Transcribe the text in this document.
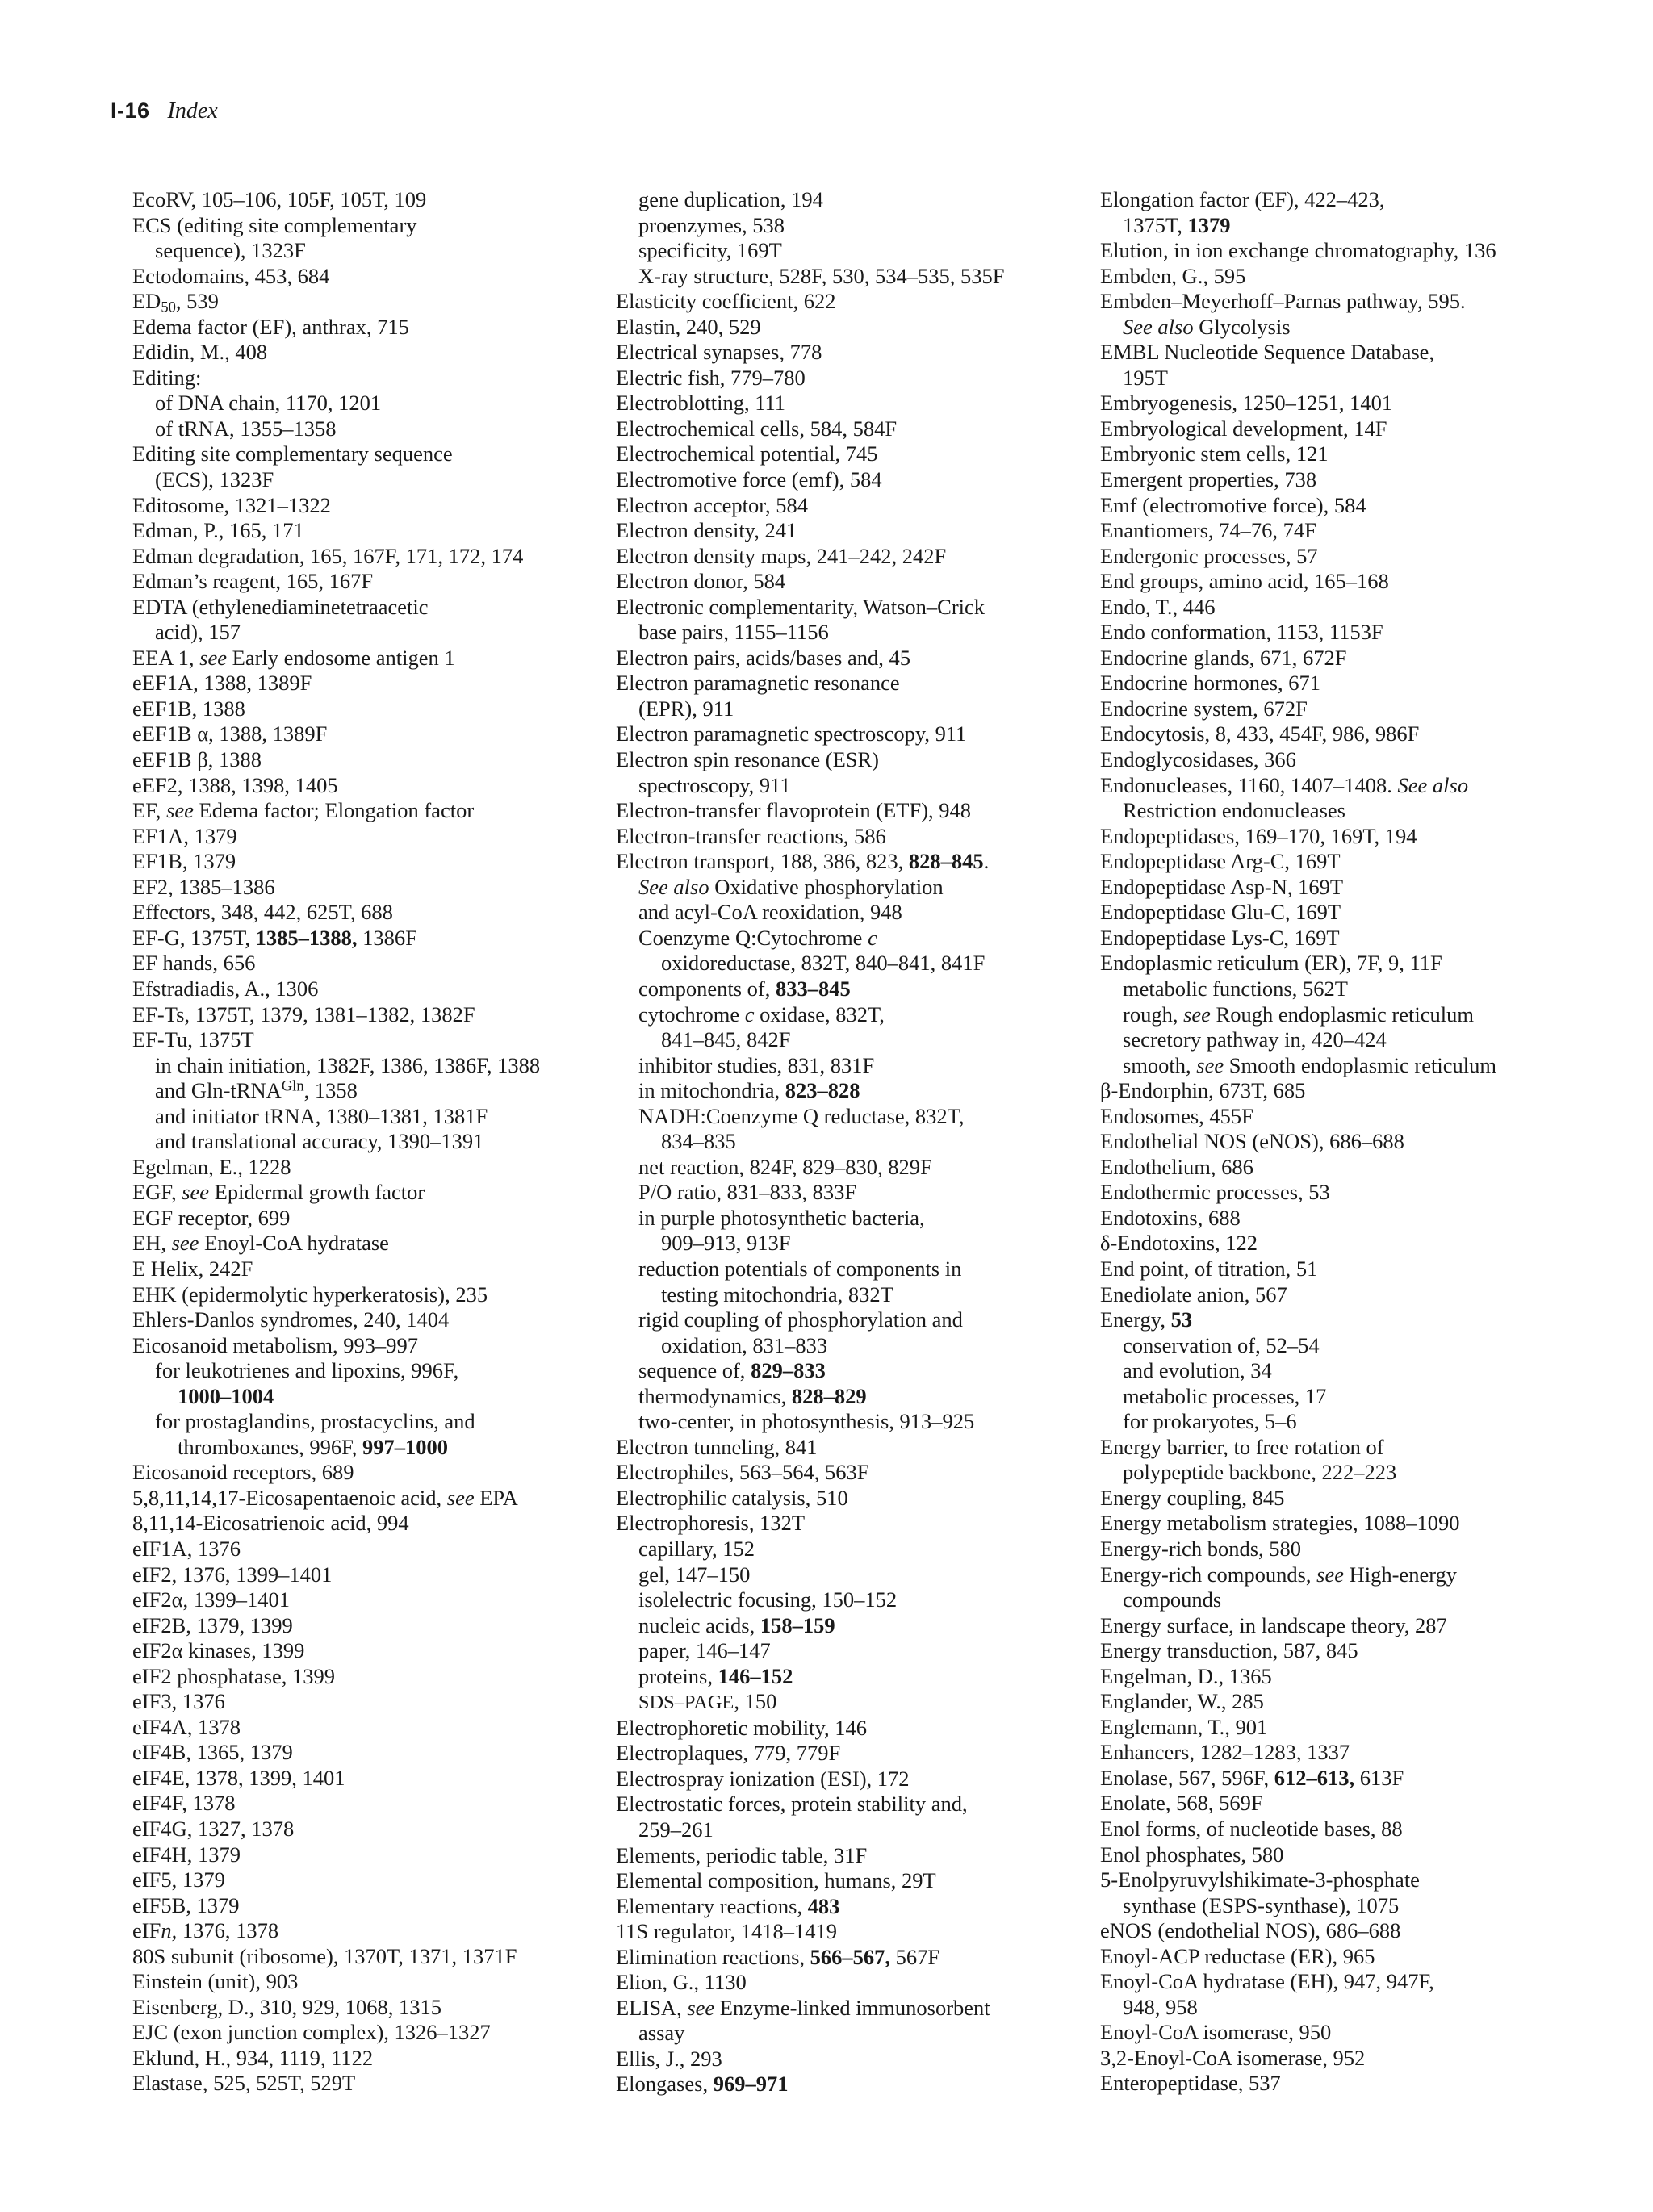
I-16 Index
EcoRV, 105–106, 105F, 105T, 109
ECS (editing site complementary
sequence), 1323F
Ectodomains, 453, 684
$ED_{50}$, 539
Edema factor (EF), anthrax, 715
Edidin, M., 408
Editing:
of DNA chain, 1170, 1201
of tRNA, 1355–1358
Editing site complementary sequence
(ECS), 1323F
Editosome, 1321–1322
Edman, P., 165, 171
Edman degradation, 165, 167F, 171, 172, 174
Edman’s reagent, 165, 167F
EDTA (ethylenediaminetetraacetic
acid), 157
EEA 1, see Early endosome antigen 1
eEF1A, 1388, 1389F
eEF1B, 1388
eEF1B α, 1388, 1389F
eEF1B β, 1388
eEF2, 1388, 1398, 1405
EF, see Edema factor; Elongation factor
EF1A, 1379
EF1B, 1379
EF2, 1385–1386
Effectors, 348, 442, 625T, 688
EF-G, 1375T, 1385–1388, 1386F
EF hands, 656
Efstradiadis, A., 1306
EF-Ts, 1375T, 1379, 1381–1382, 1382F
EF-Tu, 1375T
in chain initiation, 1382F, 1386, 1386F, 1388
and Gln-tRNA$^{Gln}$, 1358
and initiator tRNA, 1380–1381, 1381F
and translational accuracy, 1390–1391
Egelman, E., 1228
EGF, see Epidermal growth factor
EGF receptor, 699
EH, see Enoyl-CoA hydratase
E Helix, 242F
EHK (epidermolytic hyperkeratosis), 235
Ehlers-Danlos syndromes, 240, 1404
Eicosanoid metabolism, 993–997
for leukotrienes and lipoxins, 996F,
1000–1004
for prostaglandins, prostacyclins, and
thromboxanes, 996F, 997–1000
Eicosanoid receptors, 689
5,8,11,14,17-Eicosapentaenoic acid, see EPA
8,11,14-Eicosatrienoic acid, 994
eIF1A, 1376
eIF2, 1376, 1399–1401
eIF2α, 1399–1401
eIF2B, 1379, 1399
eIF2α kinases, 1399
eIF2 phosphatase, 1399
eIF3, 1376
eIF4A, 1378
eIF4B, 1365, 1379
eIF4E, 1378, 1399, 1401
eIF4F, 1378
eIF4G, 1327, 1378
eIF4H, 1379
eIF5, 1379
eIF5B, 1379
eIFn, 1376, 1378
80S subunit (ribosome), 1370T, 1371, 1371F
Einstein (unit), 903
Eisenberg, D., 310, 929, 1068, 1315
EJC (exon junction complex), 1326–1327
Eklund, H., 934, 1119, 1122
Elastase, 525, 525T, 529T
gene duplication, 194
proenzymes, 538
specificity, 169T
X-ray structure, 528F, 530, 534–535, 535F
Elasticity coefficient, 622
Elastin, 240, 529
Electrical synapses, 778
Electric fish, 779–780
Electroblotting, 111
Electrochemical cells, 584, 584F
Electrochemical potential, 745
Electromotive force (emf), 584
Electron acceptor, 584
Electron density, 241
Electron density maps, 241–242, 242F
Electron donor, 584
Electronic complementarity, Watson–Crick
base pairs, 1155–1156
Electron pairs, acids/bases and, 45
Electron paramagnetic resonance
(EPR), 911
Electron paramagnetic spectroscopy, 911
Electron spin resonance (ESR)
spectroscopy, 911
Electron-transfer flavoprotein (ETF), 948
Electron-transfer reactions, 586
Electron transport, 188, 386, 823, 828–845.
See also Oxidative phosphorylation
and acyl-CoA reoxidation, 948
Coenzyme Q:Cytochrome c
oxidoreductase, 832T, 840–841, 841F
components of, 833–845
cytochrome c oxidase, 832T,
841–845, 842F
inhibitor studies, 831, 831F
in mitochondria, 823–828
NADH:Coenzyme Q reductase, 832T,
834–835
net reaction, 824F, 829–830, 829F
P/O ratio, 831–833, 833F
in purple photosynthetic bacteria,
909–913, 913F
reduction potentials of components in
testing mitochondria, 832T
rigid coupling of phosphorylation and
oxidation, 831–833
sequence of, 829–833
thermodynamics, 828–829
two-center, in photosynthesis, 913–925
Electron tunneling, 841
Electrophiles, 563–564, 563F
Electrophilic catalysis, 510
Electrophoresis, 132T
capillary, 152
gel, 147–150
isolelectric focusing, 150–152
nucleic acids, 158–159
paper, 146–147
proteins, 146–152
SDS–PAGE, 150
Electrophoretic mobility, 146
Electroplaques, 779, 779F
Electrospray ionization (ESI), 172
Electrostatic forces, protein stability and,
259–261
Elements, periodic table, 31F
Elemental composition, humans, 29T
Elementary reactions, 483
11S regulator, 1418–1419
Elimination reactions, 566–567, 567F
Elion, G., 1130
ELISA, see Enzyme-linked immunosorbent
assay
Ellis, J., 293
Elongases, 969–971
Elongation factor (EF), 422–423,
1375T, 1379
Elution, in ion exchange chromatography, 136
Embden, G., 595
Embden–Meyerhoff–Parnas pathway, 595.
See also Glycolysis
EMBL Nucleotide Sequence Database,
195T
Embryogenesis, 1250–1251, 1401
Embryological development, 14F
Embryonic stem cells, 121
Emergent properties, 738
Emf (electromotive force), 584
Enantiomers, 74–76, 74F
Endergonic processes, 57
End groups, amino acid, 165–168
Endo, T., 446
Endo conformation, 1153, 1153F
Endocrine glands, 671, 672F
Endocrine hormones, 671
Endocrine system, 672F
Endocytosis, 8, 433, 454F, 986, 986F
Endoglycosidases, 366
Endonucleases, 1160, 1407–1408. See also
Restriction endonucleases
Endopeptidases, 169–170, 169T, 194
Endopeptidase Arg-C, 169T
Endopeptidase Asp-N, 169T
Endopeptidase Glu-C, 169T
Endopeptidase Lys-C, 169T
Endoplasmic reticulum (ER), 7F, 9, 11F
metabolic functions, 562T
rough, see Rough endoplasmic reticulum
secretory pathway in, 420–424
smooth, see Smooth endoplasmic reticulum
β-Endorphin, 673T, 685
Endosomes, 455F
Endothelial NOS (eNOS), 686–688
Endothelium, 686
Endothermic processes, 53
Endotoxins, 688
δ-Endotoxins, 122
End point, of titration, 51
Enediolate anion, 567
Energy, 53
conservation of, 52–54
and evolution, 34
metabolic processes, 17
for prokaryotes, 5–6
Energy barrier, to free rotation of
polypeptide backbone, 222–223
Energy coupling, 845
Energy metabolism strategies, 1088–1090
Energy-rich bonds, 580
Energy-rich compounds, see High-energy
compounds
Energy surface, in landscape theory, 287
Energy transduction, 587, 845
Engelman, D., 1365
Englander, W., 285
Englemann, T., 901
Enhancers, 1282–1283, 1337
Enolase, 567, 596F, 612–613, 613F
Enolate, 568, 569F
Enol forms, of nucleotide bases, 88
Enol phosphates, 580
5-Enolpyruvylshikimate-3-phosphate
synthase (ESPS-synthase), 1075
eNOS (endothelial NOS), 686–688
Enoyl-ACP reductase (ER), 965
Enoyl-CoA hydratase (EH), 947, 947F,
948, 958
Enoyl-CoA isomerase, 950
3,2-Enoyl-CoA isomerase, 952
Enteropeptidase, 537
